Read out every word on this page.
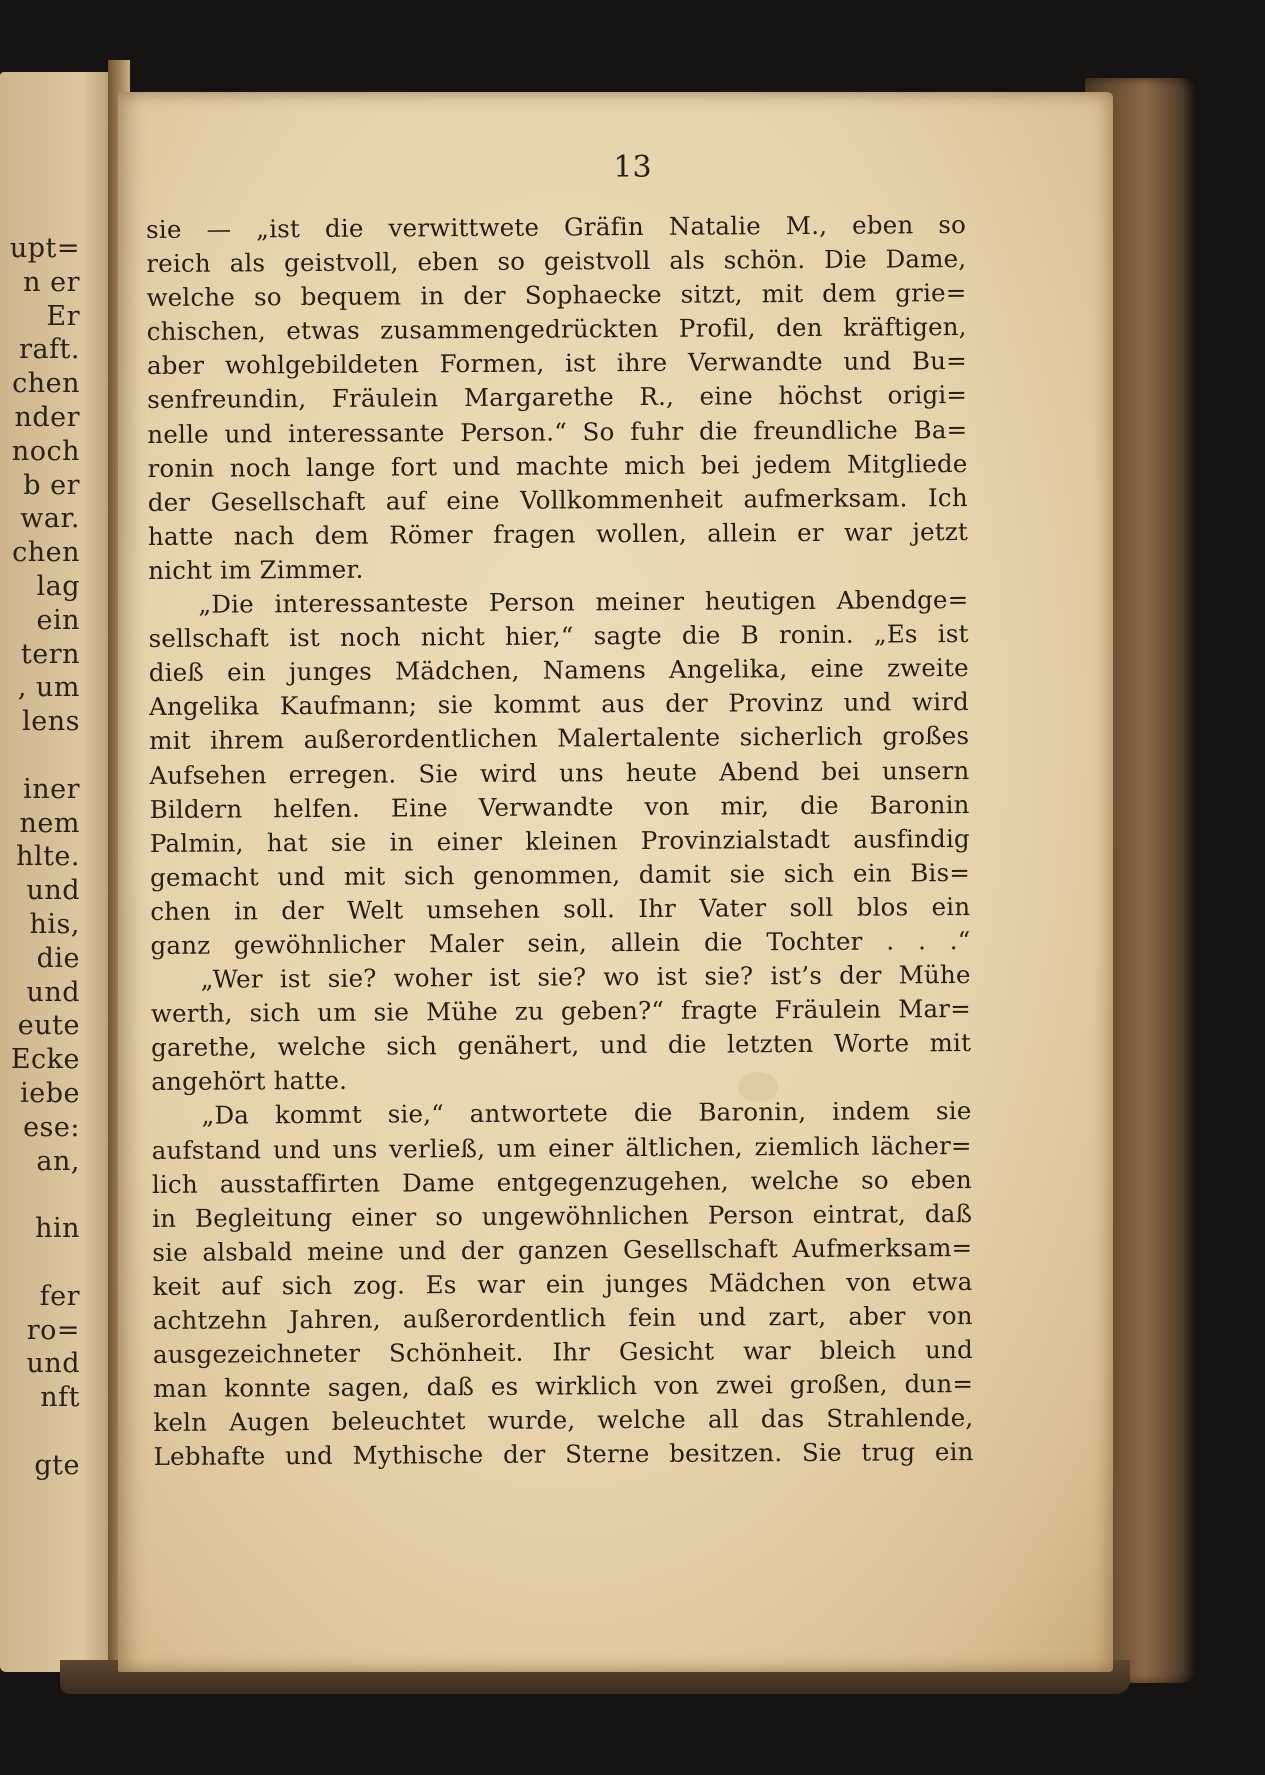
upt=
n er
Er
raft.
chen
nder
noch
b er
war.
chen
lag
ein
tern
, um
lens
iner
nem
hlte.
und
his,
die
und
eute
Ecke
iebe
ese:
an,
hin
fer
ro=
und
nft
gte
13
sie — „ist die verwittwete Gräfin Natalie M., eben so
reich als geistvoll, eben so geistvoll als schön. Die Dame,
welche so bequem in der Sophaecke sitzt, mit dem grie=
chischen, etwas zusammengedrückten Profil, den kräftigen,
aber wohlgebildeten Formen, ist ihre Verwandte und Bu=
senfreundin, Fräulein Margarethe R., eine höchst origi=
nelle und interessante Person.“ So fuhr die freundliche Ba=
ronin noch lange fort und machte mich bei jedem Mitgliede
der Gesellschaft auf eine Vollkommenheit aufmerksam. Ich
hatte nach dem Römer fragen wollen, allein er war jetzt
nicht im Zimmer.
„Die interessanteste Person meiner heutigen Abendge=
sellschaft ist noch nicht hier,“ sagte die B ronin. „Es ist
dieß ein junges Mädchen, Namens Angelika, eine zweite
Angelika Kaufmann; sie kommt aus der Provinz und wird
mit ihrem außerordentlichen Malertalente sicherlich großes
Aufsehen erregen. Sie wird uns heute Abend bei unsern
Bildern helfen. Eine Verwandte von mir, die Baronin
Palmin, hat sie in einer kleinen Provinzialstadt ausfindig
gemacht und mit sich genommen, damit sie sich ein Bis=
chen in der Welt umsehen soll. Ihr Vater soll blos ein
ganz gewöhnlicher Maler sein, allein die Tochter . . .“
„Wer ist sie? woher ist sie? wo ist sie? ist’s der Mühe
werth, sich um sie Mühe zu geben?“ fragte Fräulein Mar=
garethe, welche sich genähert, und die letzten Worte mit
angehört hatte.
„Da kommt sie,“ antwortete die Baronin, indem sie
aufstand und uns verließ, um einer ältlichen, ziemlich lächer=
lich ausstaffirten Dame entgegenzugehen, welche so eben
in Begleitung einer so ungewöhnlichen Person eintrat, daß
sie alsbald meine und der ganzen Gesellschaft Aufmerksam=
keit auf sich zog. Es war ein junges Mädchen von etwa
achtzehn Jahren, außerordentlich fein und zart, aber von
ausgezeichneter Schönheit. Ihr Gesicht war bleich und
man konnte sagen, daß es wirklich von zwei großen, dun=
keln Augen beleuchtet wurde, welche all das Strahlende,
Lebhafte und Mythische der Sterne besitzen. Sie trug ein
